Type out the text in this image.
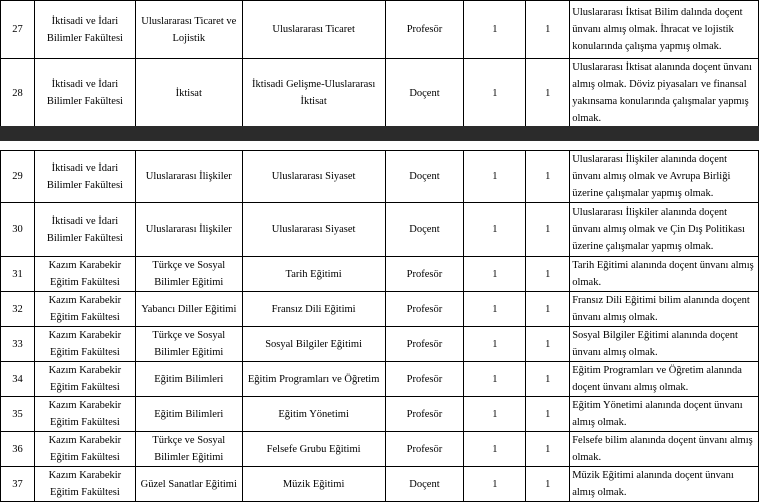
27	İktisadi ve İdari Bilimler Fakültesi	Uluslararası Ticaret ve Lojistik	Uluslararası Ticaret	Profesör	1	1	Uluslararası İktisat Bilim dalında doçent ünvanı almış olmak. İhracat ve lojistik konularında çalışma yapmış olmak.
28	İktisadi ve İdari Bilimler Fakültesi	İktisat	İktisadi Gelişme-Uluslararası İktisat	Doçent	1	1	Uluslararası İktisat alanında doçent ünvanı almış olmak. Döviz piyasaları ve finansal yakınsama konularında çalışmalar yapmış olmak.
29	İktisadi ve İdari Bilimler Fakültesi	Uluslararası İlişkiler	Uluslararası Siyaset	Doçent	1	1	Uluslararası İlişkiler alanında doçent ünvanı almış olmak ve Avrupa Birliği üzerine çalışmalar yapmış olmak.
30	İktisadi ve İdari Bilimler Fakültesi	Uluslararası İlişkiler	Uluslararası Siyaset	Doçent	1	1	Uluslararası İlişkiler alanında doçent ünvanı almış olmak ve Çin Dış Politikası üzerine çalışmalar yapmış olmak.
31	Kazım Karabekir Eğitim Fakültesi	Türkçe ve Sosyal Bilimler Eğitimi	Tarih Eğitimi	Profesör	1	1	Tarih Eğitimi alanında doçent ünvanı almış olmak.
32	Kazım Karabekir Eğitim Fakültesi	Yabancı Diller Eğitimi	Fransız Dili Eğitimi	Profesör	1	1	Fransız Dili Eğitimi bilim alanında doçent ünvanı almış olmak.
33	Kazım Karabekir Eğitim Fakültesi	Türkçe ve Sosyal Bilimler Eğitimi	Sosyal Bilgiler Eğitimi	Profesör	1	1	Sosyal Bilgiler Eğitimi alanında doçent ünvanı almış olmak.
34	Kazım Karabekir Eğitim Fakültesi	Eğitim Bilimleri	Eğitim Programları ve Öğretim	Profesör	1	1	Eğitim Programları ve Öğretim alanında doçent ünvanı almış olmak.
35	Kazım Karabekir Eğitim Fakültesi	Eğitim Bilimleri	Eğitim Yönetimi	Profesör	1	1	Eğitim Yönetimi alanında doçent ünvanı almış olmak.
36	Kazım Karabekir Eğitim Fakültesi	Türkçe ve Sosyal Bilimler Eğitimi	Felsefe Grubu Eğitimi	Profesör	1	1	Felsefe bilim alanında doçent ünvanı almış olmak.
37	Kazım Karabekir Eğitim Fakültesi	Güzel Sanatlar Eğitimi	Müzik Eğitimi	Doçent	1	1	Müzik Eğitimi alanında doçent ünvanı almış olmak.
